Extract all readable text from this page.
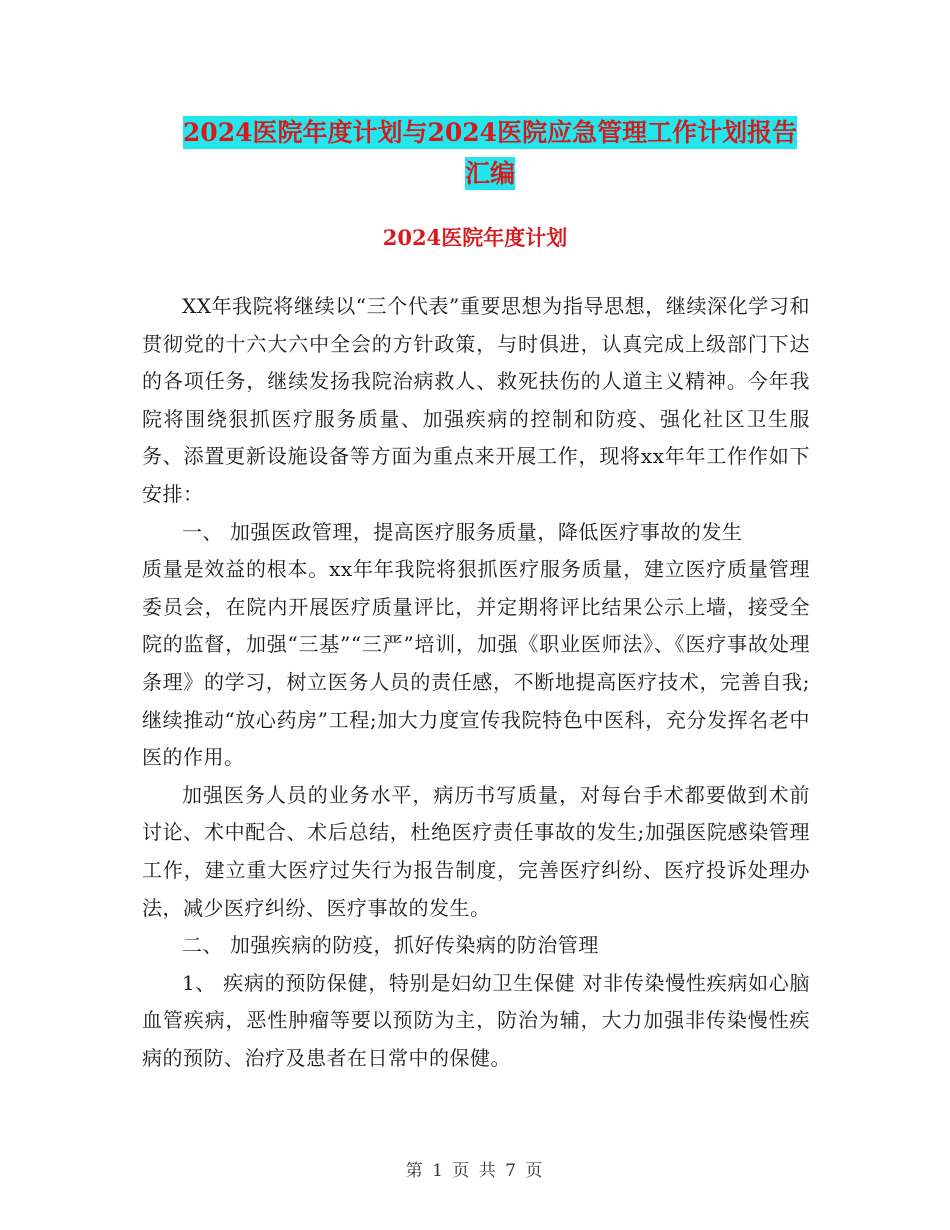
2024医院年度计划与2024医院应急管理工作计划报告
汇编
2024医院年度计划

XX年我院将继续以“三个代表”重要思想为指导思想，继续深化学习和贯彻党的十六大六中全会的方针政策，与时俱进，认真完成上级部门下达的各项任务，继续发扬我院治病救人、救死扶伤的人道主义精神。今年我院将围绕狠抓医疗服务质量、加强疾病的控制和防疫、强化社区卫生服务、添置更新设施设备等方面为重点来开展工作，现将xx年年工作作如下安排：

一、 加强医政管理，提高医疗服务质量，降低医疗事故的发生

质量是效益的根本。xx年年我院将狠抓医疗服务质量，建立医疗质量管理委员会，在院内开展医疗质量评比，并定期将评比结果公示上墙，接受全院的监督，加强“三基”“三严”培训，加强《职业医师法》、《医疗事故处理条理》的学习，树立医务人员的责任感，不断地提高医疗技术，完善自我;继续推动“放心药房”工程;加大力度宣传我院特色中医科，充分发挥名老中医的作用。

加强医务人员的业务水平，病历书写质量，对每台手术都要做到术前讨论、术中配合、术后总结，杜绝医疗责任事故的发生;加强医院感染管理工作，建立重大医疗过失行为报告制度，完善医疗纠纷、医疗投诉处理办法，减少医疗纠纷、医疗事故的发生。

二、 加强疾病的防疫，抓好传染病的防治管理

1、 疾病的预防保健，特别是妇幼卫生保健 对非传染慢性疾病如心脑血管疾病，恶性肿瘤等要以预防为主，防治为辅，大力加强非传染慢性疾病的预防、治疗及患者在日常中的保健。

第 1 页 共 7 页
